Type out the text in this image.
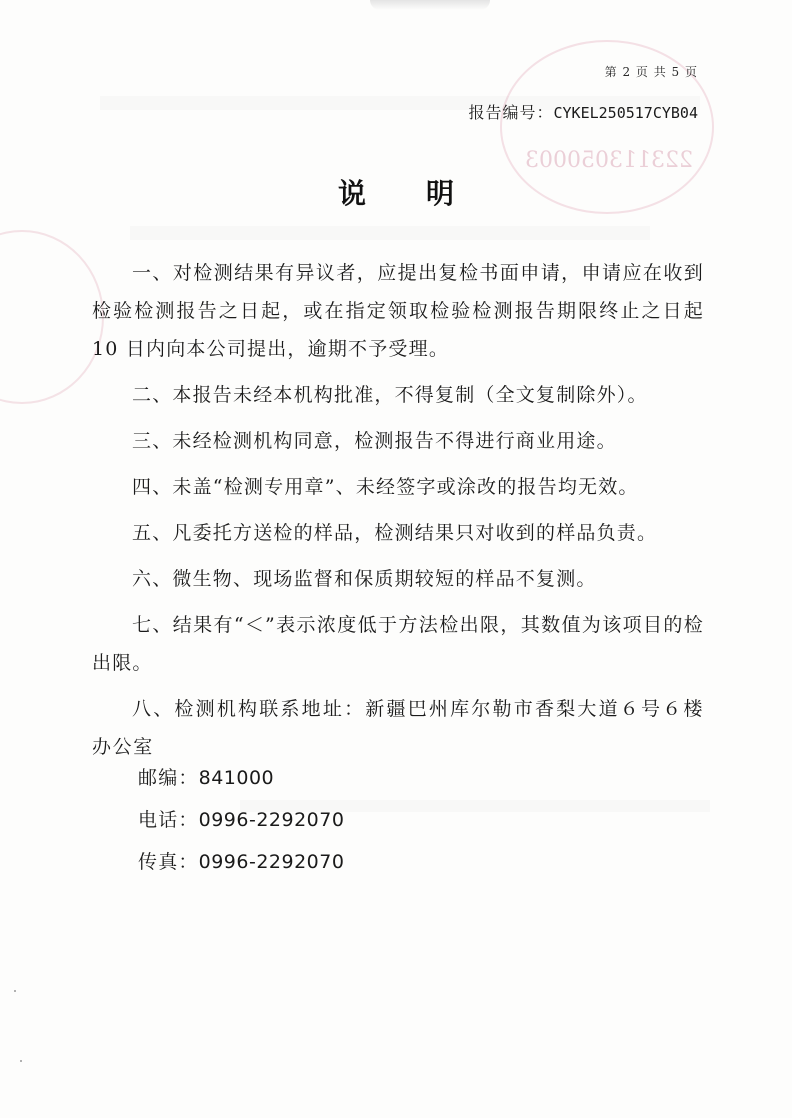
223113050003
第 2 页 共 5 页
报告编号：CYKEL250517CYB04
说明

一、对检测结果有异议者，应提出复检书面申请，申请应在收到检验检测报告之日起，或在指定领取检验检测报告期限终止之日起 10 日内向本公司提出，逾期不予受理。

二、本报告未经本机构批准，不得复制（全文复制除外）。

三、未经检测机构同意，检测报告不得进行商业用途。

四、未盖“检测专用章”、未经签字或涂改的报告均无效。

五、凡委托方送检的样品，检测结果只对收到的样品负责。

六、微生物、现场监督和保质期较短的样品不复测。

七、结果有“＜”表示浓度低于方法检出限，其数值为该项目的检出限。

八、检测机构联系地址：新疆巴州库尔勒市香梨大道６号６楼办公室

邮编：841000
电话：0996-2292070
传真：0996-2292070
